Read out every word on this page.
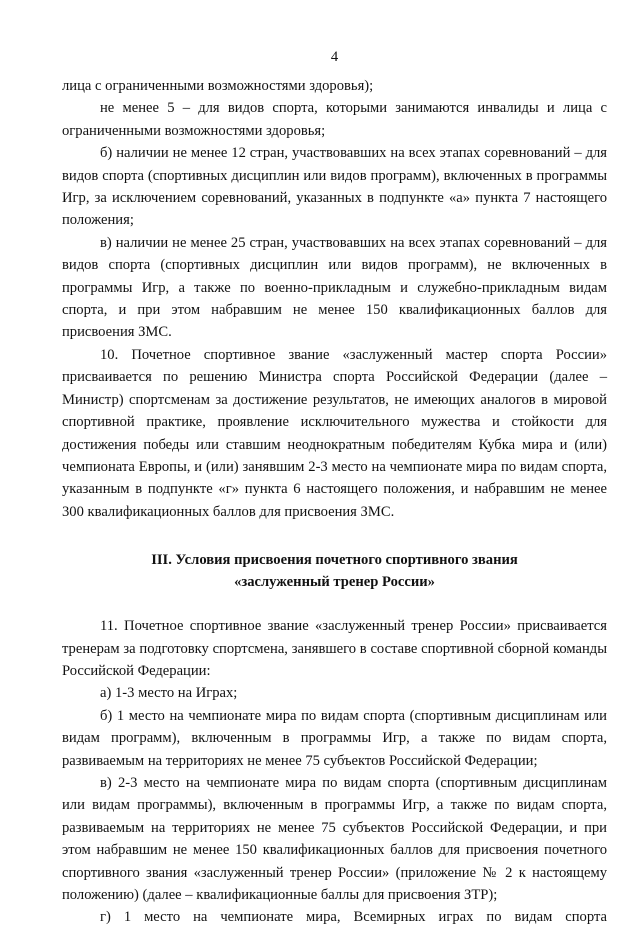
4

лица с ограниченными возможностями здоровья);

не менее 5 – для видов спорта, которыми занимаются инвалиды и лица с ограниченными возможностями здоровья;

б) наличии не менее 12 стран, участвовавших на всех этапах соревнований – для видов спорта (спортивных дисциплин или видов программ), включенных в программы Игр, за исключением соревнований, указанных в подпункте «а» пункта 7 настоящего положения;

в) наличии не менее 25 стран, участвовавших на всех этапах соревнований – для видов спорта (спортивных дисциплин или видов программ), не включенных в программы Игр, а также по военно-прикладным и служебно-прикладным видам спорта, и при этом набравшим не менее 150 квалификационных баллов для присвоения ЗМС.

10. Почетное спортивное звание «заслуженный мастер спорта России» присваивается по решению Министра спорта Российской Федерации (далее – Министр) спортсменам за достижение результатов, не имеющих аналогов в мировой спортивной практике, проявление исключительного мужества и стойкости для достижения победы или ставшим неоднократным победителям Кубка мира и (или) чемпионата Европы, и (или) занявшим 2-3 место на чемпионате мира по видам спорта, указанным в подпункте «г» пункта 6 настоящего положения, и набравшим не менее 300 квалификационных баллов для присвоения ЗМС.

III. Условия присвоения почетного спортивного звания
«заслуженный тренер России»

11. Почетное спортивное звание «заслуженный тренер России» присваивается тренерам за подготовку спортсмена, занявшего в составе спортивной сборной команды Российской Федерации:

а) 1-3 место на Играх;

б) 1 место на чемпионате мира по видам спорта (спортивным дисциплинам или видам программ), включенным в программы Игр, а также по видам спорта, развиваемым на территориях не менее 75 субъектов Российской Федерации;

в) 2-3 место на чемпионате мира по видам спорта (спортивным дисциплинам или видам программы), включенным в программы Игр, а также по видам спорта, развиваемым на территориях не менее 75 субъектов Российской Федерации, и при этом набравшим не менее 150 квалификационных баллов для присвоения почетного спортивного звания «заслуженный тренер России» (приложение № 2 к настоящему положению) (далее – квалификационные баллы для присвоения ЗТР);

г) 1 место на чемпионате мира, Всемирных играх по видам спорта
